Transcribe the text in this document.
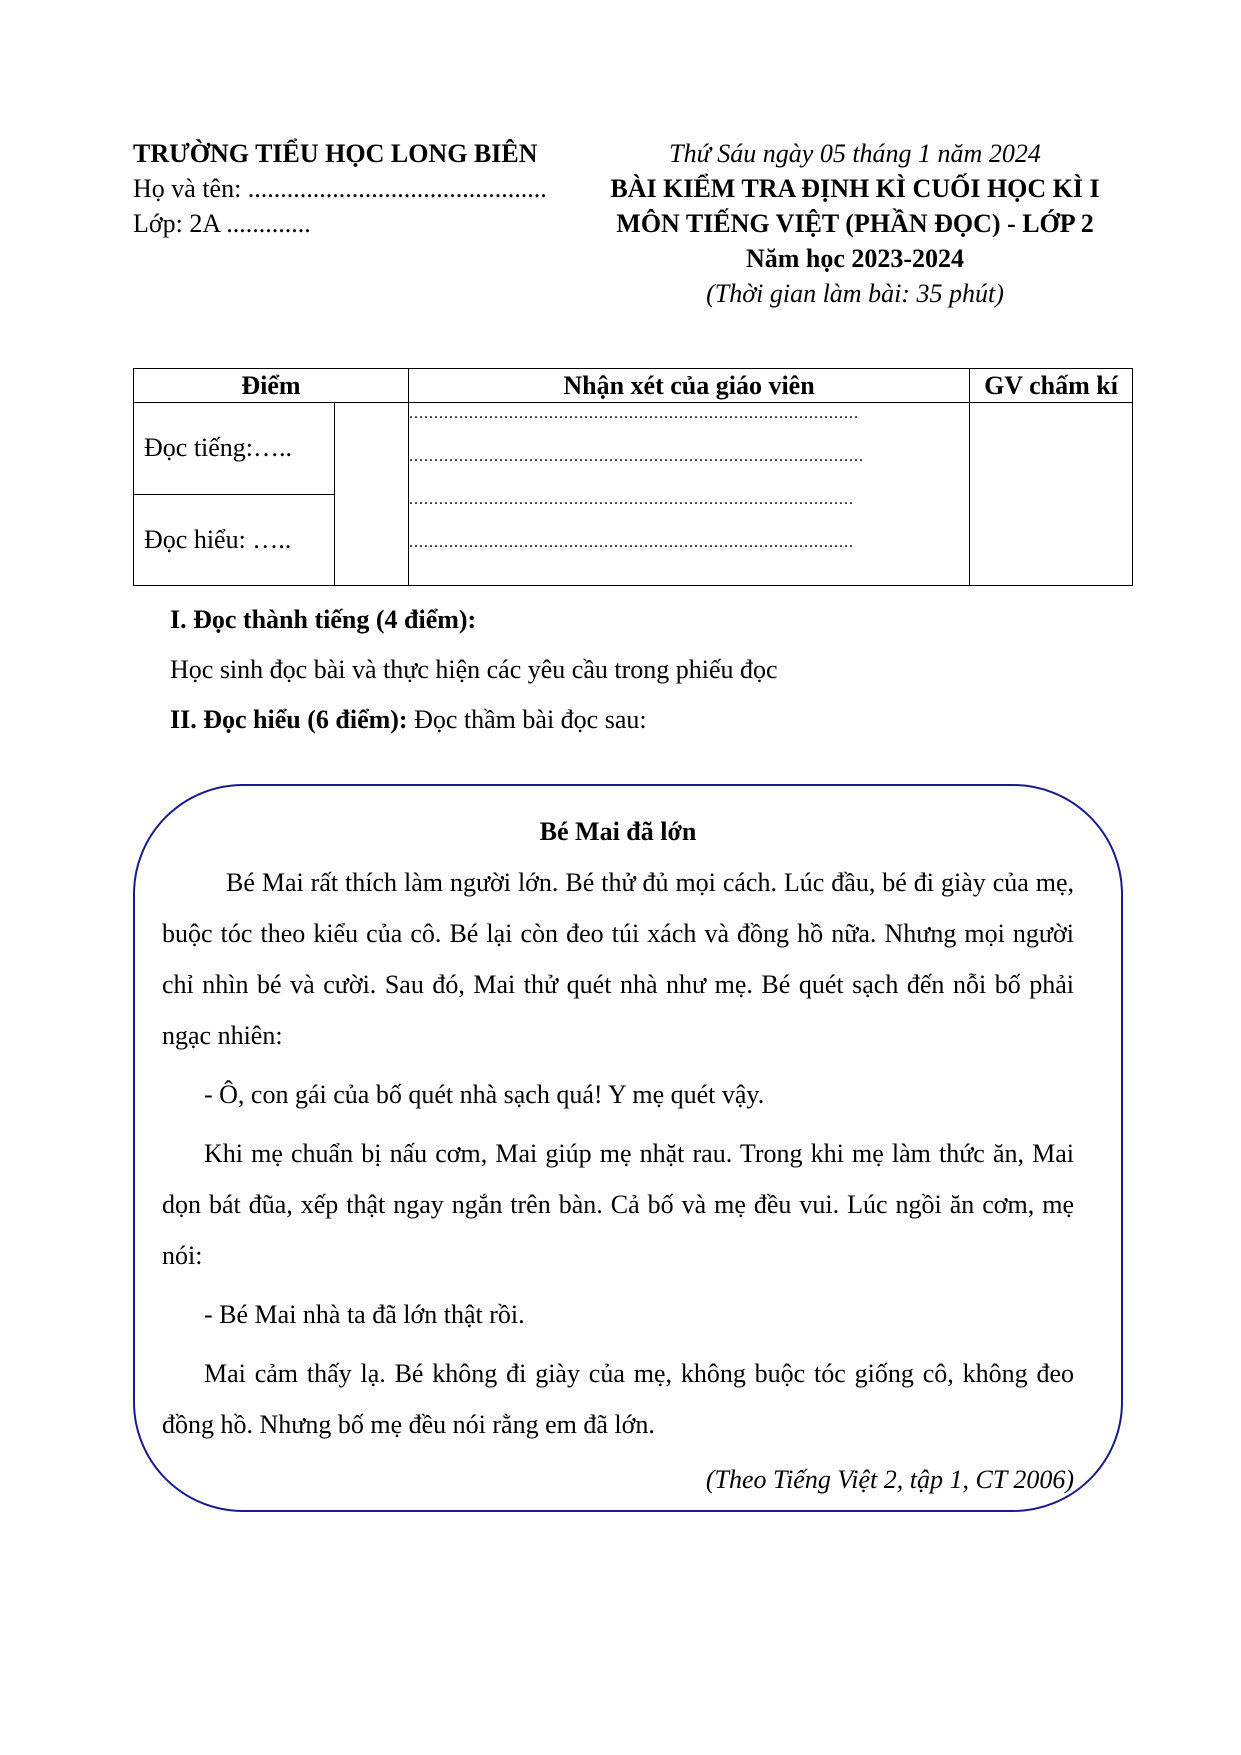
TRƯỜNG TIỂU HỌC LONG BIÊN
Họ và tên: ..............................................
Lớp: 2A .............
Thứ Sáu ngày 05 tháng 1 năm 2024
BÀI KIỂM TRA ĐỊNH KÌ CUỐI HỌC KÌ I
MÔN TIẾNG VIỆT (PHẦN ĐỌC) - LỚP 2
Năm học 2023-2024
(Thời gian làm bài: 35 phút)
Điểm		Nhận xét của giáo viên	GV chấm kí
Đọc tiếng:…..		..........................................................................................
...........................................................................................
.........................................................................................
.........................................................................................	

Đọc hiểu: …..			
I. Đọc thành tiếng (4 điểm):
Học sinh đọc bài và thực hiện các yêu cầu trong phiếu đọc
II. Đọc hiểu (6 điểm): Đọc thầm bài đọc sau:

Bé Mai đã lớn

Bé Mai rất thích làm người lớn. Bé thử đủ mọi cách. Lúc đầu, bé đi giày của mẹ, buộc tóc theo kiểu của cô. Bé lại còn đeo túi xách và đồng hồ nữa. Nhưng mọi người chỉ nhìn bé và cười. Sau đó, Mai thử quét nhà như mẹ. Bé quét sạch đến nỗi bố phải ngạc nhiên:

- Ô, con gái của bố quét nhà sạch quá! Y mẹ quét vậy.

Khi mẹ chuẩn bị nấu cơm, Mai giúp mẹ nhặt rau. Trong khi mẹ làm thức ăn, Mai dọn bát đũa, xếp thật ngay ngắn trên bàn. Cả bố và mẹ đều vui. Lúc ngồi ăn cơm, mẹ nói:

- Bé Mai nhà ta đã lớn thật rồi.

Mai cảm thấy lạ. Bé không đi giày của mẹ, không buộc tóc giống cô, không đeo đồng hồ. Nhưng bố mẹ đều nói rằng em đã lớn.

(Theo Tiếng Việt 2, tập 1, CT 2006)
